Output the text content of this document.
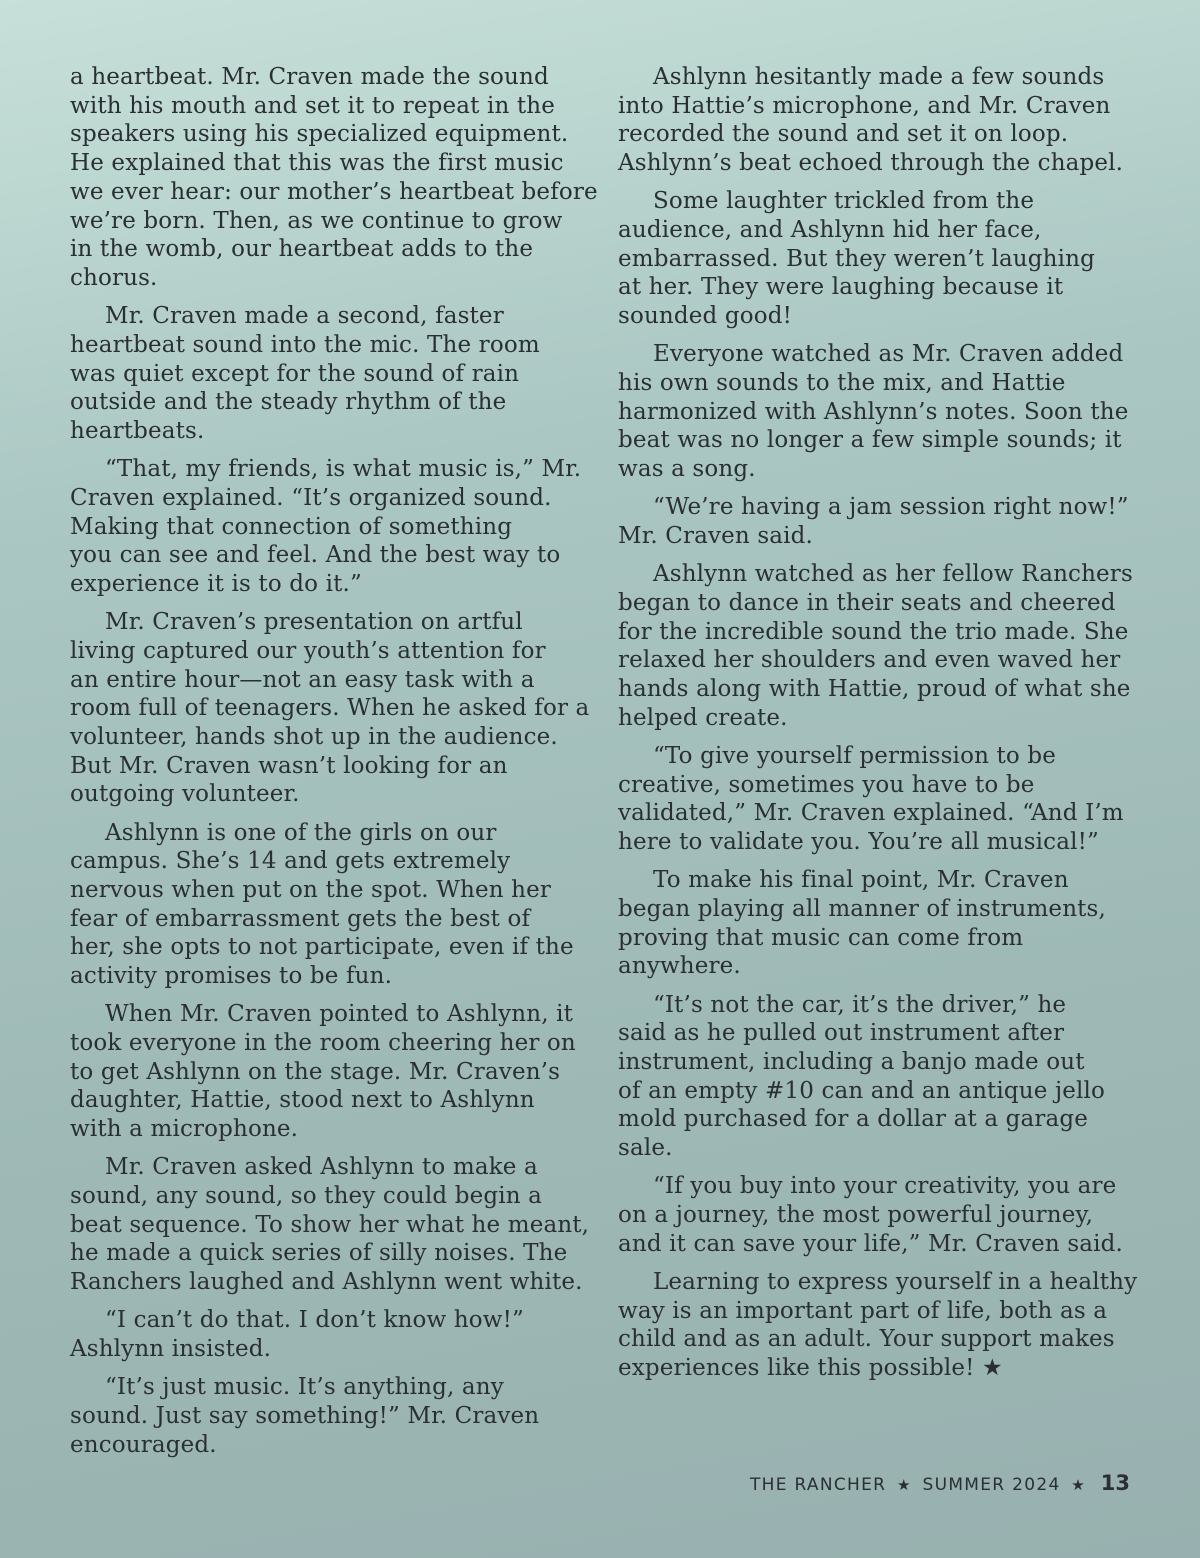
a heartbeat. Mr. Craven made the sound
with his mouth and set it to repeat in the
speakers using his specialized equipment.
He explained that this was the first music
we ever hear: our mother’s heartbeat before
we’re born. Then, as we continue to grow
in the womb, our heartbeat adds to the
chorus.
Mr. Craven made a second, faster
heartbeat sound into the mic. The room
was quiet except for the sound of rain
outside and the steady rhythm of the
heartbeats.
“That, my friends, is what music is,” Mr.
Craven explained. “It’s organized sound.
Making that connection of something
you can see and feel. And the best way to
experience it is to do it.”
Mr. Craven’s presentation on artful
living captured our youth’s attention for
an entire hour—not an easy task with a
room full of teenagers. When he asked for a
volunteer, hands shot up in the audience.
But Mr. Craven wasn’t looking for an
outgoing volunteer.
Ashlynn is one of the girls on our
campus. She’s 14 and gets extremely
nervous when put on the spot. When her
fear of embarrassment gets the best of
her, she opts to not participate, even if the
activity promises to be fun.
When Mr. Craven pointed to Ashlynn, it
took everyone in the room cheering her on
to get Ashlynn on the stage. Mr. Craven’s
daughter, Hattie, stood next to Ashlynn
with a microphone.
Mr. Craven asked Ashlynn to make a
sound, any sound, so they could begin a
beat sequence. To show her what he meant,
he made a quick series of silly noises. The
Ranchers laughed and Ashlynn went white.
“I can’t do that. I don’t know how!”
Ashlynn insisted.
“It’s just music. It’s anything, any
sound. Just say something!” Mr. Craven
encouraged.
Ashlynn hesitantly made a few sounds
into Hattie’s microphone, and Mr. Craven
recorded the sound and set it on loop.
Ashlynn’s beat echoed through the chapel.
Some laughter trickled from the
audience, and Ashlynn hid her face,
embarrassed. But they weren’t laughing
at her. They were laughing because it
sounded good!
Everyone watched as Mr. Craven added
his own sounds to the mix, and Hattie
harmonized with Ashlynn’s notes. Soon the
beat was no longer a few simple sounds; it
was a song.
“We’re having a jam session right now!”
Mr. Craven said.
Ashlynn watched as her fellow Ranchers
began to dance in their seats and cheered
for the incredible sound the trio made. She
relaxed her shoulders and even waved her
hands along with Hattie, proud of what she
helped create.
“To give yourself permission to be
creative, sometimes you have to be
validated,” Mr. Craven explained. “And I’m
here to validate you. You’re all musical!”
To make his final point, Mr. Craven
began playing all manner of instruments,
proving that music can come from
anywhere.
“It’s not the car, it’s the driver,” he
said as he pulled out instrument after
instrument, including a banjo made out
of an empty #10 can and an antique jello
mold purchased for a dollar at a garage
sale.
“If you buy into your creativity, you are
on a journey, the most powerful journey,
and it can save your life,” Mr. Craven said.
Learning to express yourself in a healthy
way is an important part of life, both as a
child and as an adult. Your support makes
experiences like this possible! ★
THE RANCHER ★ SUMMER 2024 ★ 13
